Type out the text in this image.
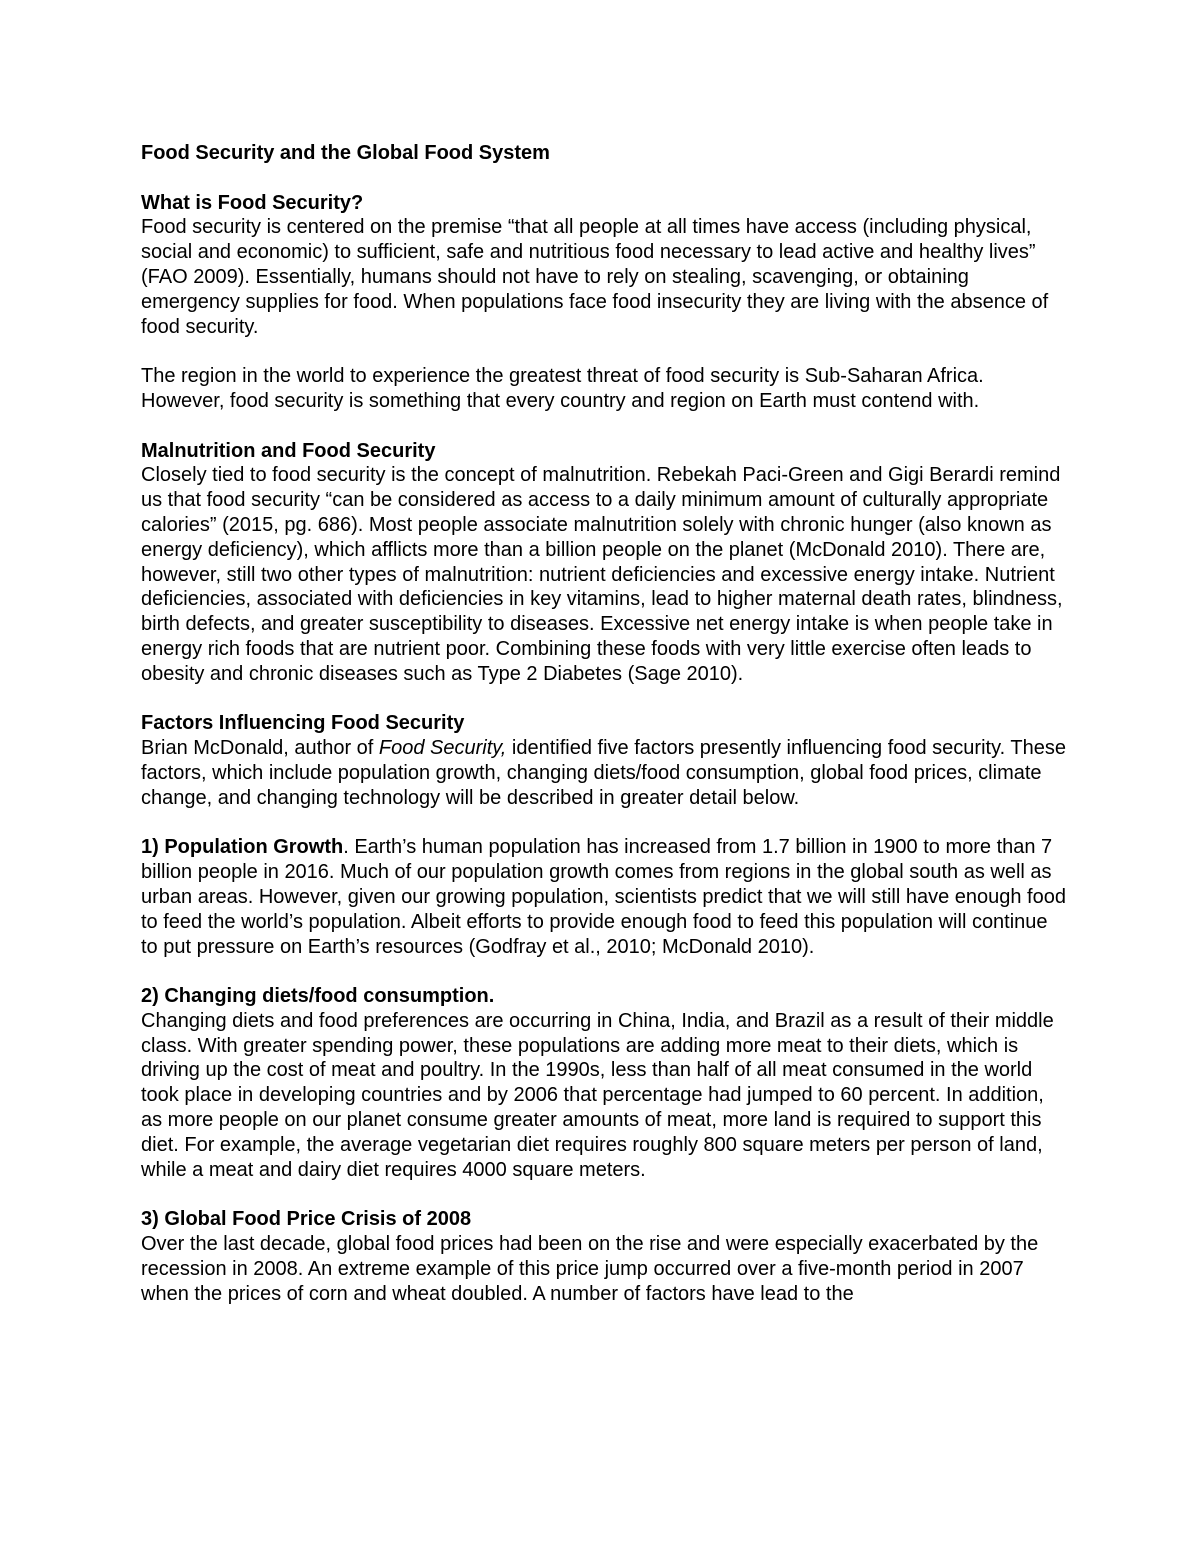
Food Security and the Global Food System

What is Food Security?

Food security is centered on the premise “that all people at all times have access (including physical, social and economic) to sufficient, safe and nutritious food necessary to lead active and healthy lives” (FAO 2009). Essentially, humans should not have to rely on stealing, scavenging, or obtaining emergency supplies for food. When populations face food insecurity they are living with the absence of food security.

The region in the world to experience the greatest threat of food security is Sub-Saharan Africa. However, food security is something that every country and region on Earth must contend with.

Malnutrition and Food Security

Closely tied to food security is the concept of malnutrition. Rebekah Paci-Green and Gigi Berardi remind us that food security “can be considered as access to a daily minimum amount of culturally appropriate calories” (2015, pg. 686). Most people associate malnutrition solely with chronic hunger (also known as energy deficiency), which afflicts more than a billion people on the planet (McDonald 2010). There are, however, still two other types of malnutrition: nutrient deficiencies and excessive energy intake. Nutrient deficiencies, associated with deficiencies in key vitamins, lead to higher maternal death rates, blindness, birth defects, and greater susceptibility to diseases. Excessive net energy intake is when people take in energy rich foods that are nutrient poor. Combining these foods with very little exercise often leads to obesity and chronic diseases such as Type 2 Diabetes (Sage 2010).

Factors Influencing Food Security

Brian McDonald, author of Food Security, identified five factors presently influencing food security. These factors, which include population growth, changing diets/food consumption, global food prices, climate change, and changing technology will be described in greater detail below.

1) Population Growth. Earth’s human population has increased from 1.7 billion in 1900 to more than 7 billion people in 2016. Much of our population growth comes from regions in the global south as well as urban areas. However, given our growing population, scientists predict that we will still have enough food to feed the world’s population. Albeit efforts to provide enough food to feed this population will continue to put pressure on Earth’s resources (Godfray et al., 2010; McDonald 2010).

2) Changing diets/food consumption.

Changing diets and food preferences are occurring in China, India, and Brazil as a result of their middle class. With greater spending power, these populations are adding more meat to their diets, which is driving up the cost of meat and poultry. In the 1990s, less than half of all meat consumed in the world took place in developing countries and by 2006 that percentage had jumped to 60 percent. In addition, as more people on our planet consume greater amounts of meat, more land is required to support this diet. For example, the average vegetarian diet requires roughly 800 square meters per person of land, while a meat and dairy diet requires 4000 square meters.

3) Global Food Price Crisis of 2008

Over the last decade, global food prices had been on the rise and were especially exacerbated by the recession in 2008. An extreme example of this price jump occurred over a five-month period in 2007 when the prices of corn and wheat doubled. A number of factors have lead to the
